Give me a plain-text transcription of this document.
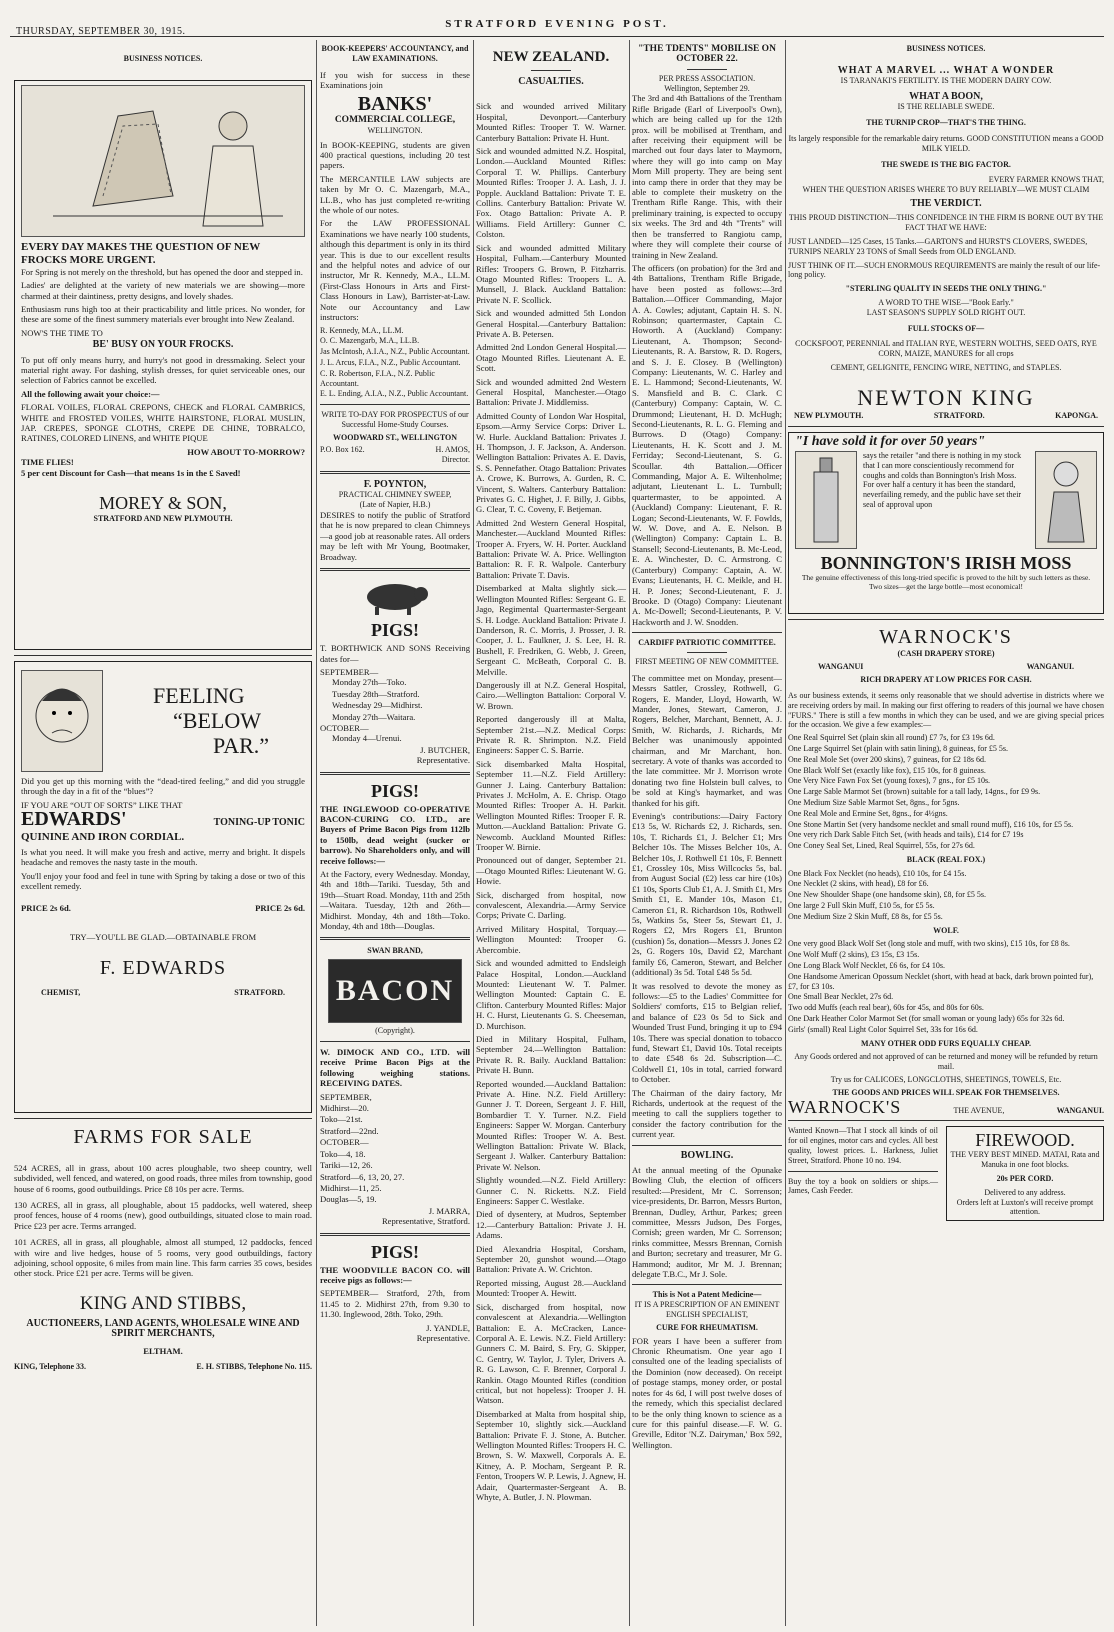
THURSDAY, SEPTEMBER 30, 1915.
STRATFORD EVENING POST.
BUSINESS NOTICES.
EVERY DAY MAKES THE QUESTION OF NEW FROCKS MORE URGENT.

For Spring is not merely on the threshold, but has opened the door and stepped in.

Ladies' are delighted at the variety of new materials we are showing—more charmed at their daintiness, pretty designs, and lovely shades.

Enthusiasm runs high too at their practicability and little prices. No wonder, for these are some of the finest summery materials ever brought into New Zealand.

NOW'S THE TIME TO
BE' BUSY ON YOUR FROCKS.

To put off only means hurry, and hurry's not good in dressmaking. Select your material right away. For dashing, stylish dresses, for quiet serviceable ones, our selection of Fabrics cannot be excelled.

All the following await your choice:—

FLORAL VOILES, FLORAL CREPONS, CHECK and FLORAL CAMBRICS, WHITE and FROSTED VOILES, WHITE HAIRSTONE, FLORAL MUSLIN, JAP. CREPES, SPONGE CLOTHS, CREPE DE CHINE, TOBRALCO, RATINES, COLORED LINENS, and WHITE PIQUE

HOW ABOUT TO-MORROW?
TIME FLIES!
5 per cent Discount for Cash—that means 1s in the £ Saved!
MOREY & SON,
STRATFORD AND NEW PLYMOUTH.
FEELING
“BELOW
PAR.”

Did you get up this morning with the “dead-tired feeling,” and did you struggle through the day in a fit of the “blues”?

IF YOU ARE “OUT OF SORTS” LIKE THAT
EDWARDS'	TONING-UP TONIC
QUININE AND IRON CORDIAL.

Is what you need. It will make you fresh and active, merry and bright. It dispels headache and removes the nasty taste in the mouth.

You'll enjoy your food and feel in tune with Spring by taking a dose or two of this excellent remedy.

PRICE 2s 6d.	PRICE 2s 6d.
TRY—YOU'LL BE GLAD.—OBTAINABLE FROM
F. EDWARDS
CHEMIST,	STRATFORD.
FARMS FOR SALE

524 ACRES, all in grass, about 100 acres ploughable, two sheep country, well subdivided, well fenced, and watered, on good roads, three miles from township, good house of 6 rooms, good outbuildings. Price £8 10s per acre. Terms.

130 ACRES, all in grass, all ploughable, about 15 paddocks, well watered, sheep proof fences, house of 4 rooms (new), good outbuildings, situated close to main road. Price £23 per acre. Terms arranged.

101 ACRES, all in grass, all ploughable, almost all stumped, 12 paddocks, fenced with wire and live hedges, house of 5 rooms, very good outbuildings, factory adjoining, school opposite, 6 miles from main line. This farm carries 35 cows, besides other stock. Price £21 per acre. Terms will be given.

KING AND STIBBS,
AUCTIONEERS, LAND AGENTS, WHOLESALE WINE AND SPIRIT MERCHANTS,
ELTHAM.
KING, Telephone 33.	E. H. STIBBS, Telephone No. 115.
BOOK-KEEPERS' ACCOUNTANCY, and LAW EXAMINATIONS.

If you wish for success in these Examinations join

BANKS'
COMMERCIAL COLLEGE,
WELLINGTON.

In BOOK-KEEPING, students are given 400 practical questions, including 20 test papers.

The MERCANTILE LAW subjects are taken by Mr O. C. Mazengarb, M.A., LL.B., who has just completed re-writing the whole of our notes.

For the LAW PROFESSIONAL Examinations we have nearly 100 students, although this department is only in its third year. This is due to our excellent results and the helpful notes and advice of our instructor, Mr R. Kennedy, M.A., LL.M. (First-Class Honours in Arts and First-Class Honours in Law), Barrister-at-Law. Note our Accountancy and Law instructors:

R. Kennedy, M.A., LL.M.
O. C. Mazengarb, M.A., LL.B.
Jas McIntosh, A.I.A., N.Z., Public Accountant.
J. L. Arcus, F.I.A., N.Z., Public Accountant.
C. R. Robertson, F.I.A., N.Z. Public Accountant.
E. L. Ending, A.I.A., N.Z., Public Accountant.
WRITE TO-DAY FOR PROSPECTUS of our Successful Home-Study Courses.
WOODWARD ST., WELLINGTON
P.O. Box 162.	H. AMOS,
Director.
F. POYNTON,
PRACTICAL CHIMNEY SWEEP,
(Late of Napier, H.B.)

DESIRES to notify the public of Stratford that he is now prepared to clean Chimneys—a good job at reasonable rates. All orders may be left with Mr Young, Bootmaker, Broadway.

PIGS!

T. BORTHWICK AND SONS Receiving dates for—

SEPTEMBER—
Monday 27th—Toko.
Tuesday 28th—Stratford.
Wednesday 29—Midhirst.
Monday 27th—Waitara.
OCTOBER—
Monday 4—Urenui.
J. BUTCHER,
Representative.
PIGS!

THE INGLEWOOD CO-OPERATIVE BACON-CURING CO. LTD., are Buyers of Prime Bacon Pigs from 112lb to 150lb, dead weight (sucker or barrow). No Shareholders only, and will receive follows:—

At the Factory, every Wednesday. Monday, 4th and 18th—Tariki. Tuesday, 5th and 19th—Stuart Road. Monday, 11th and 25th—Waitara. Tuesday, 12th and 26th—Midhirst. Monday, 4th and 18th—Toko. Monday, 4th and 18th—Douglas.

SWAN BRAND,
BACON
(Copyright).

W. DIMOCK AND CO., LTD. will receive Prime Bacon Pigs at the following weighing stations. RECEIVING DATES.

SEPTEMBER,
Midhirst—20.
Toko—21st.
Stratford—22nd.
OCTOBER—
Toko—4, 18.
Tariki—12, 26.
Stratford—6, 13, 20, 27.
Midhirst—11, 25.
Douglas—5, 19.
J. MARRA,
Representative, Stratford.
PIGS!

THE WOODVILLE BACON CO. will receive pigs as follows:—

SEPTEMBER— Stratford, 27th, from 11.45 to 2. Midhirst 27th, from 9.30 to 11.30. Inglewood, 28th. Toko, 29th.

J. YANDLE,
Representative.
NEW ZEALAND.
CASUALTIES.

Sick and wounded arrived Military Hospital, Devonport.—Canterbury Mounted Rifles: Trooper T. W. Warner. Canterbury Battalion: Private H. Hunt.

Sick and wounded admitted N.Z. Hospital, London.—Auckland Mounted Rifles: Corporal T. W. Phillips. Canterbury Mounted Rifles: Trooper J. A. Lash, J. J. Popple. Auckland Battalion: Private T. E. Collins. Canterbury Battalion: Private W. Fox. Otago Battalion: Private A. P. Williams. Field Artillery: Gunner C. Colston.

Sick and wounded admitted Military Hospital, Fulham.—Canterbury Mounted Rifles: Troopers G. Brown, P. Fitzharris. Otago Mounted Rifles: Troopers L. A. Munsell, J. Black. Auckland Battalion: Private N. F. Scollick.

Sick and wounded admitted 5th London General Hospital.—Canterbury Battalion: Private A. B. Petersen.

Admitted 2nd London General Hospital.—Otago Mounted Rifles. Lieutenant A. E. Scott.

Sick and wounded admitted 2nd Western General Hospital, Manchester.—Otago Battalion: Private J. Middlemiss.

Admitted County of London War Hospital, Epsom.—Army Service Corps: Driver L. W. Hurle. Auckland Battalion: Privates J. H. Thompson, J. F. Jackson, A. Anderson. Wellington Battalion: Privates A. E. Davis, S. S. Pennefather. Otago Battalion: Privates A. Crowe, K. Burrows, A. Gurden, R. C. Vincent, S. Walters. Canterbury Battalion: Privates G. C. Highet, J. F. Billy, J. Gibbs, G. Clear, T. C. Coveny, F. Betjeman.

Admitted 2nd Western General Hospital, Manchester.—Auckland Mounted Rifles: Trooper A. Fryers, W. H. Porter. Auckland Battalion: Private W. A. Price. Wellington Battalion: R. F. R. Walpole. Canterbury Battalion: Private T. Davis.

Disembarked at Malta slightly sick.—Wellington Mounted Rifles: Sergeant G. E. Jago, Regimental Quartermaster-Sergeant S. H. Lodge. Auckland Battalion: Private J. Danderson, R. C. Morris, J. Prosser, J. R. Cooper, J. L. Faulkner, J. S. Lee, H. R. Bushell, F. Fredriken, G. Webb, J. Green, Sergeant C. McBeath, Corporal C. B. Melville.

Dangerously ill at N.Z. General Hospital, Cairo.—Wellington Battalion: Corporal V. W. Brown.

Reported dangerously ill at Malta, September 21st.—N.Z. Medical Corps: Private R. R. Shrimpton. N.Z. Field Engineers: Sapper C. S. Barrie.

Sick disembarked Malta Hospital, September 11.—N.Z. Field Artillery: Gunner J. Laing. Canterbury Battalion: Privates J. McHolm, A. E. Chrisp. Otago Mounted Rifles: Trooper A. H. Parkit. Wellington Mounted Rifles: Trooper F. R. Mutton.—Auckland Battalion: Private G. Newcomb. Auckland Mounted Rifles: Trooper W. Birnie.

Pronounced out of danger, September 21.—Otago Mounted Rifles: Lieutenant W. G. Howie.

Sick, discharged from hospital, now convalescent, Alexandria.—Army Service Corps; Private C. Darling.

Arrived Military Hospital, Torquay.—Wellington Mounted: Trooper G. Abercombie.

Sick and wounded admitted to Endsleigh Palace Hospital, London.—Auckland Mounted: Lieutenant W. T. Palmer. Wellington Mounted: Captain C. E. Clifton. Canterbury Mounted Rifles: Major H. C. Hurst, Lieutenants G. S. Cheeseman, D. Murchison.

Died in Military Hospital, Fulham, September 24.—Wellington Battalion: Private R. R. Baily. Auckland Battalion: Private H. Bunn.

Reported wounded.—Auckland Battalion: Private A. Hine. N.Z. Field Artillery: Gunner J. T. Doreen, Sergeant J. F. Hill, Bombardier T. Y. Turner. N.Z. Field Engineers: Sapper W. Morgan. Canterbury Mounted Rifles: Trooper W. A. Best. Wellington Battalion: Private W. Black, Sergeant J. Walker. Canterbury Battalion: Private W. Nelson.

Slightly wounded.—N.Z. Field Artillery: Gunner C. N. Ricketts. N.Z. Field Engineers: Sapper C. Westlake.

Died of dysentery, at Mudros, September 12.—Canterbury Battalion: Private J. H. Adams.

Died Alexandria Hospital, Corsham, September 20, gunshot wound.—Otago Battalion: Private A. W. Crichton.

Reported missing, August 28.—Auckland Mounted: Trooper A. Hewitt.

Sick, discharged from hospital, now convalescent at Alexandria.—Wellington Battalion: E. A. McCracken, Lance-Corporal A. E. Lewis. N.Z. Field Artillery: Gunners C. M. Baird, S. Fry, G. Skipper, C. Gentry, W. Taylor, J. Tyler, Drivers A. R. G. Lawson, C. F. Brenner, Corporal J. Rankin. Otago Mounted Rifles (condition critical, but not hopeless): Trooper J. H. Watson.

Disembarked at Malta from hospital ship, September 10, slightly sick.—Auckland Battalion: Private F. J. Stone, A. Butcher. Wellington Mounted Rifles: Troopers H. C. Brown, S. W. Maxwell, Corporals A. E. Kitney, A. P. Mocham, Sergeant P. R. Fenton, Troopers W. P. Lewis, J. Agnew, H. Adair, Quartermaster-Sergeant A. B. Whyte, A. Butler, J. N. Plowman.

"THE TDENTS" MOBILISE ON OCTOBER 22.
PER PRESS ASSOCIATION.
Wellington, September 29.

The 3rd and 4th Battalions of the Trentham Rifle Brigade (Earl of Liverpool's Own), which are being called up for the 12th prox. will be mobilised at Trentham, and after receiving their equipment will be marched out four days later to Maymorn, where they will go into camp on May Morn Mill property. They are being sent into camp there in order that they may be able to complete their musketry on the Trentham Rifle Range. This, with their preliminary training, is expected to occupy six weeks. The 3rd and 4th "Trents" will then be transferred to Rangiotu camp, where they will complete their course of training in New Zealand.

The officers (on probation) for the 3rd and 4th Battalions, Trentham Rifle Brigade, have been posted as follows:—3rd Battalion.—Officer Commanding, Major A. A. Cowles; adjutant, Captain H. S. N. Robinson; quartermaster, Captain C. Howorth. A (Auckland) Company: Lieutenant, A. Thompson; Second-Lieutenants, R. A. Barstow, R. D. Rogers, and S. J. E. Closey. B (Wellington) Company: Lieutenants, W. C. Harley and E. L. Hammond; Second-Lieutenants, W. S. Mansfield and B. C. Clark. C (Canterbury) Company: Captain, W. C. Drummond; Lieutenant, H. D. McHugh; Second-Lieutenants, R. L. G. Fleming and Burrows. D (Otago) Company: Lieutenants, H. K. Scott and J. M. Ferriday; Second-Lieutenant, S. G. Scoullar. 4th Battalion.—Officer Commanding, Major A. E. Wiltenholme; adjutant, Lieutenant L. L. Turnbull; quartermaster, to be appointed. A (Auckland) Company: Lieutenant, F. R. Logan; Second-Lieutenants, W. F. Fowlds, W. W. Dove, and A. E. Nelson. B (Wellington) Company: Captain L. B. Stansell; Second-Lieutenants, B. Mc-Leod, E. A. Winchester, D. C. Armstrong. C (Canterbury) Company: Captain, A. W. Evans; Lieutenants, H. C. Meikle, and H. H. P. Jones; Second-Lieutenant, F. J. Brooke. D (Otago) Company: Lieutenant A. Mc-Dowell; Second-Lieutenants, P. V. Hackworth and J. W. Snodden.

CARDIFF PATRIOTIC COMMITTEE.
FIRST MEETING OF NEW COMMITTEE.

The committee met on Monday, present—Messrs Sattler, Crossley, Rothwell, G. Rogers, E. Mander, Lloyd, Howarth, W. Mander, Jones, Stewart, Cameron, J. Rogers, Belcher, Marchant, Bennett, A. J. Smith, W. Richards, J. Richards, Mr Belcher was unanimously appointed chairman, and Mr Marchant, hon. secretary. A vote of thanks was accorded to the late committee. Mr J. Morrison wrote donating two fine Holstein bull calves, to be sold at King's haymarket, and was thanked for his gift.

Evening's contributions:—Dairy Factory £13 5s, W. Richards £2, J. Richards, sen. 10s, T. Richards £1, J. Belcher £1; Mrs Belcher 10s. The Misses Belcher 10s, A. Belcher 10s, J. Rothwell £1 10s, F. Bennett £1, Crossley 10s, Miss Willcocks 5s, bal. from August Social (£2) less car hire (10s) £1 10s, Sports Club £1, A. J. Smith £1, Mrs Smith £1, E. Mander 10s, Mason £1, Cameron £1, R. Richardson 10s, Rothwell 5s, Watkins 5s, Steer 5s, Stewart £1, J. Rogers £2, Mrs Rogers £1, Brunton (cushion) 5s, donation—Messrs J. Jones £2 2s, G. Rogers 10s, David £2, Marchant family £6, Cameron, Stewart, and Belcher (additional) 3s 5d. Total £48 5s 5d.

It was resolved to devote the money as follows:—£5 to the Ladies' Committee for Soldiers' comforts, £15 to Belgian relief, and balance of £23 0s 5d to Sick and Wounded Trust Fund, bringing it up to £94 10s. There was special donation to tobacco fund, Stewart £1, David 10s. Total receipts to date £548 6s 2d. Subscription—C. Coldwell £1, 10s in total, carried forward to October.

The Chairman of the dairy factory, Mr Richards, undertook at the request of the meeting to call the suppliers together to consider the factory contribution for the current year.

BOWLING.

At the annual meeting of the Opunake Bowling Club, the election of officers resulted:—President, Mr C. Sorrenson; vice-presidents, Dr. Barron, Messrs Burton, Brennan, Dudley, Arthur, Parkes; green committee, Messrs Judson, Des Forges, Cornish; green warden, Mr C. Sorrenson; rinks committee, Messrs Brennan, Cornish and Burton; secretary and treasurer, Mr G. Hammond; auditor, Mr M. J. Brennan; delegate T.B.C., Mr J. Sole.

This is Not a Patent Medicine—
IT IS A PRESCRIPTION OF AN EMINENT ENGLISH SPECIALIST,
CURE FOR RHEUMATISM.

FOR years I have been a sufferer from Chronic Rheumatism. One year ago I consulted one of the leading specialists of the Dominion (now deceased). On receipt of postage stamps, money order, or postal notes for 4s 6d, I will post twelve doses of the remedy, which this specialist declared to be the only thing known to science as a cure for this painful disease.—F. W. G. Greville, Editor 'N.Z. Dairyman,' Box 592, Wellington.

BUSINESS NOTICES.
WHAT A MARVEL ... WHAT A WONDER
IS TARANAKI'S FERTILITY. IS THE MODERN DAIRY COW.
WHAT A BOON,
IS THE RELIABLE SWEDE.
THE TURNIP CROP—THAT'S THE THING.
Its largely responsible for the remarkable dairy returns. GOOD CONSTITUTION means a GOOD MILK YIELD.
THE SWEDE IS THE BIG FACTOR.
EVERY FARMER KNOWS THAT,
WHEN THE QUESTION ARISES WHERE TO BUY RELIABLY—WE MUST CLAIM
THE VERDICT.
THIS PROUD DISTINCTION—THIS CONFIDENCE IN THE FIRM IS BORNE OUT BY THE FACT THAT WE HAVE:
JUST LANDED—125 Cases, 15 Tanks.—GARTON'S and HURST'S CLOVERS, SWEDES, TURNIPS NEARLY 23 TONS of Small Seeds from OLD ENGLAND.
JUST THINK OF IT.—SUCH ENORMOUS REQUIREMENTS are mainly the result of our life-long policy.
"STERLING QUALITY IN SEEDS THE ONLY THING."
A WORD TO THE WISE—"Book Early."
LAST SEASON'S SUPPLY SOLD RIGHT OUT.
FULL STOCKS OF—
COCKSFOOT, PERENNIAL and ITALIAN RYE, WESTERN WOLTHS, SEED OATS, RYE CORN, MAIZE, MANURES for all crops
CEMENT, GELIGNITE, FENCING WIRE, NETTING, and STAPLES.
NEWTON KING
NEW PLYMOUTH.	STRATFORD.	KAPONGA.
"I have sold it for over 50 years"
says the retailer "and there is nothing in my stock that I can more conscientiously recommend for coughs and colds than Bonnington's Irish Moss. For over half a century it has been the standard, neverfailing remedy, and the public have set their seal of approval upon
BONNINGTON'S IRISH MOSS
The genuine effectiveness of this long-tried specific is proved to the hilt by such letters as these. Two sizes—get the large bottle—most economical!
WARNOCK'S
(CASH DRAPERY STORE)
WANGANUI	WANGANUI.
RICH DRAPERY AT LOW PRICES FOR CASH.

As our business extends, it seems only reasonable that we should advertise in districts where we are receiving orders by mail. In making our first offering to readers of this journal we have chosen "FURS." There is still a few months in which they can be used, and we are giving special prices for the occasion. We give a few examples:—

One Real Squirrel Set (plain skin all round) £7 7s, for £3 19s 6d.
One Large Squirrel Set (plain with satin lining), 8 guineas, for £5 5s.
One Real Mole Set (over 200 skins), 7 guineas, for £2 18s 6d.
One Black Wolf Set (exactly like fox), £15 10s, for 8 guineas.
One Very Nice Fawn Fox Set (young foxes), 7 gns., for £5 10s.
One Large Sable Marmot Set (brown) suitable for a tall lady, 14gns., for £9 9s.
One Medium Size Sable Marmot Set, 8gns., for 5gns.
One Real Mole and Ermine Set, 8gns., for 4½gns.
One Stone Martin Set (very handsome necklet and small round muff), £16 10s, for £5 5s.
One very rich Dark Sable Fitch Set, (with heads and tails), £14 for £7 19s
One Coney Seal Set, Lined, Real Squirrel, 55s, for 27s 6d.
BLACK (REAL FOX.)
One Black Fox Necklet (no heads), £10 10s, for £4 15s.
One Necklet (2 skins, with head), £8 for £6.
One New Shoulder Shape (one handsome skin), £8, for £5 5s.
One large 2 Full Skin Muff, £10 5s, for £5 5s.
One Medium Size 2 Skin Muff, £8 8s, for £5 5s.
WOLF.
One very good Black Wolf Set (long stole and muff, with two skins), £15 10s, for £8 8s.
One Wolf Muff (2 skins), £3 15s, £3 15s.
One Long Black Wolf Necklet, £6 6s, for £4 10s.
One Handsome American Opossum Necklet (short, with head at back, dark brown pointed fur), £7, for £3 10s.
One Small Bear Necklet, 27s 6d.
Two odd Muffs (each real bear), 60s for 45s, and 80s for 60s.
One Dark Heather Color Marmot Set (for small woman or young lady) 65s for 32s 6d.
Girls' (small) Real Light Color Squirrel Set, 33s for 16s 6d.
MANY OTHER ODD FURS EQUALLY CHEAP.
Any Goods ordered and not approved of can be returned and money will be refunded by return mail.
Try us for CALICOES, LONGCLOTHS, SHEETINGS, TOWELS, Etc.
THE GOODS AND PRICES WILL SPEAK FOR THEMSELVES.
WARNOCK'S	THE AVENUE,	WANGANUI.

Wanted Known—That I stock all kinds of oil for oil engines, motor cars and cycles. All best quality, lowest prices. L. Harkness, Juliet Street, Stratford. Phone 10 no. 194.

Buy the toy a book on soldiers or ships.—James, Cash Feeder.

FIREWOOD.
THE VERY BEST MINED. MATAI, Rata and Manuka in one foot blocks.
20s PER CORD.
Delivered to any address.
Orders left at Luxton's will receive prompt attention.
